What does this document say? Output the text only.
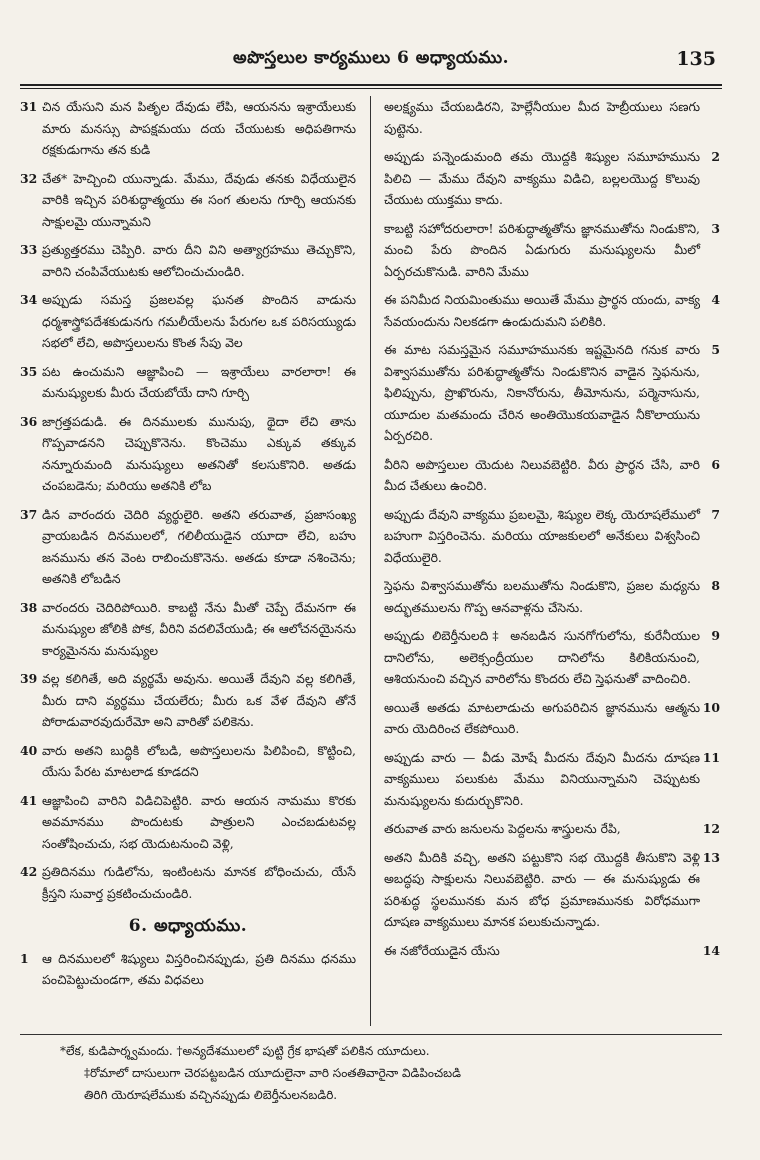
అపొస్తలుల కార్యములు 6 అధ్యాయము.	135
31 చిన యేసుని మన పితృల దేవుడు లేపి, ఆయనను ఇశ్రాయేలుకు మారు మనస్సు పాపక్షమయు దయ చేయుటకు అధిపతిగాను రక్షకుడుగాను తన కుడి
32 చేత* హెచ్చించి యున్నాడు. మేము, దేవుడు తనకు విధేయులైన వారికి ఇచ్చిన పరిశుద్ధాత్మయు ఈ సంగ తులను గూర్చి ఆయనకు సాక్షులమై యున్నామని
33 ప్రత్యుత్తరము చెప్పిరి. వారు దీని విని అత్యాగ్రహము తెచ్చుకొని, వారిని చంపివేయుటకు ఆలోచించుచుండిరి.
34 అప్పుడు సమస్త ప్రజలవల్ల ఘనత పొందిన వాడును ధర్మశాస్త్రోపదేశకుడునగు గమలీయేలను పేరుగల ఒక పరిసయ్యుడు సభలో లేచి, అపొస్తలులను కొంత సేపు వెల
35 పట ఉంచుమని ఆజ్ఞాపించి — ఇశ్రాయేలు వారలారా! ఈ మనుష్యులకు మీరు చేయబోయే దాని గూర్చి
36 జాగ్రత్తపడుడి. ఈ దినములకు మునుపు, థైదా లేచి తాను గొప్పవాడనని చెప్పుకొనెను. కొంచెము ఎక్కువ తక్కువ నన్నూరుమంది మనుష్యులు అతనితో కలసుకొనిరి. అతడు చంపబడెను; మరియు అతనికి లోబ
37 డిన వారందరు చెదిరి వ్యర్థులైరి. అతని తరువాత, ప్రజాసంఖ్య వ్రాయబడిన దినములలో, గలిలీయుడైన యూదా లేచి, బహు జనమును తన వెంట రాబించుకొనెను. అతడు కూడా నశించెను; అతనికి లోబడిన
38 వారందరు చెదిరిపోయిరి. కాబట్టి నేను మీతో చెప్పే దేమనగా ఈ మనుష్యుల జోలికి పోక, వీరిని వదలివేయుడి; ఈ ఆలోచనయైనను కార్యమైనను మనుష్యుల
39 వల్ల కలిగితే, అది వ్యర్థమే అవును. అయితే దేవుని వల్ల కలిగితే, మీరు దాని వ్యర్థము చేయలేరు; మీరు ఒక వేళ దేవుని తోనే పోరాడువారవుదురేమో అని వారితో పలికెను.
40 వారు అతని బుద్ధికి లోబడి, అపొస్తలులను పిలిపించి, కొట్టించి, యేసు పేరట మాటలాడ కూడదని
41 ఆజ్ఞాపించి వారిని విడిచిపెట్టిరి. వారు ఆయన నామము కొరకు అవమానము పొందుటకు పాత్రులని ఎంచబడుటవల్ల సంతోషించుచు, సభ యెదుటనుంచి వెళ్లి,
42 ప్రతిదినము గుడిలోను, ఇంటింటను మానక బోధించుచు, యేసే క్రీస్తని సువార్త ప్రకటించుచుండిరి.
6. అధ్యాయము.
1 ఆ దినములలో శిష్యులు విస్తరించినప్పుడు, ప్రతి దినము ధనము పంచిపెట్టుచుండగా, తమ విధవలు
అలక్ష్యము చేయబడిరని, హెల్లేనీయుల మీద హెబ్రీయులు సణగు పుట్టెను.
2
అప్పుడు పన్నెండుమంది తమ యొద్దకి శిష్యుల సమూహమును పిలిచి — మేము దేవుని వాక్యము విడిచి, బల్లలయొద్ద కొలువు చేయుట యుక్తము కాదు.
3
కాబట్టి సహోదరులారా! పరిశుద్ధాత్మతోను జ్ఞానముతోను నిండుకొని, మంచి పేరు పొందిన ఏడుగురు మనుష్యులను మీలో ఏర్పరచుకొనుడి. వారిని మేము
4
ఈ పనిమీద నియమింతుము అయితే మేము ప్రార్థన యందు, వాక్య సేవయందును నిలకడగా ఉండుదుమని పలికిరి.
5
ఈ మాట సమస్తమైన సమూహమునకు ఇష్టమైనది గనుక వారు విశ్వాసముతోను పరిశుద్ధాత్మతోను నిండుకొనిన వాడైన స్తెఫనును, ఫిలిప్పును, ప్రొఖొరును, నికానోరును, తీమోనును, పర్మెనాసును, యూదుల మతమందు చేరిన అంతియొకయవాడైన నీకొలాయును ఏర్పరచిరి.
6
వీరిని అపొస్తలుల యెదుట నిలువబెట్టిరి. వీరు ప్రార్థన చేసి, వారి మీద చేతులు ఉంచిరి.
7
అప్పుడు దేవుని వాక్యము ప్రబలమై, శిష్యుల లెక్క యెరూషలేములో బహుగా విస్తరించెను. మరియు యాజకులలో అనేకులు విశ్వసించి విధేయులైరి.
8
స్తెఫను విశ్వాసముతోను బలముతోను నిండుకొని, ప్రజల మధ్యను అద్భుతములను గొప్ప ఆనవాళ్లను చేసెను.
9
అప్పుడు లిబెర్తీనులది‡ అనబడిన సునగోగులోను, కురేనీయుల దానిలోను, అలెక్సంద్రీయుల దానిలోను కిలికియనుంచి, ఆశియనుంచి వచ్చిన వారిలోను కొందరు లేచి స్తెఫనుతో వాదించిరి.
10
అయితే అతడు మాటలాడుచు అగుపరిచిన జ్ఞానమును ఆత్మను వారు యెదిరించ లేకపోయిరి.
11
అప్పుడు వారు — వీడు మోషే మీదను దేవుని మీదను దూషణ వాక్యములు పలుకుట మేము వినియున్నామని చెప్పుటకు మనుష్యులను కుదుర్చుకొనిరి.
12
తరువాత వారు జనులను పెద్దలను శాస్త్రులను రేపి,
13
అతని మీదికి వచ్చి, అతని పట్టుకొని సభ యొద్దకి తీసుకొని వెళ్లి అబద్ధపు సాక్షులను నిలువబెట్టిరి. వారు — ఈ మనుష్యుడు ఈ పరిశుద్ధ స్థలమునకు మన బోధ ప్రమాణమునకు విరోధముగా దూషణ వాక్యములు మానక పలుకుచున్నాడు.
14
ఈ నజోరేయుడైన యేసు
*లేక, కుడిపార్శ్వమందు. †అన్యదేశములలో పుట్టి గ్రేక భాషతో పలికిన యూదులు.
‡రోమాలో దాసులుగా చెరపట్టబడిన యూదులైనా వారి సంతతివారైనా విడిపించబడి
తిరిగి యెరూషలేముకు వచ్చినప్పుడు లిబెర్తీనులనబడిరి.
